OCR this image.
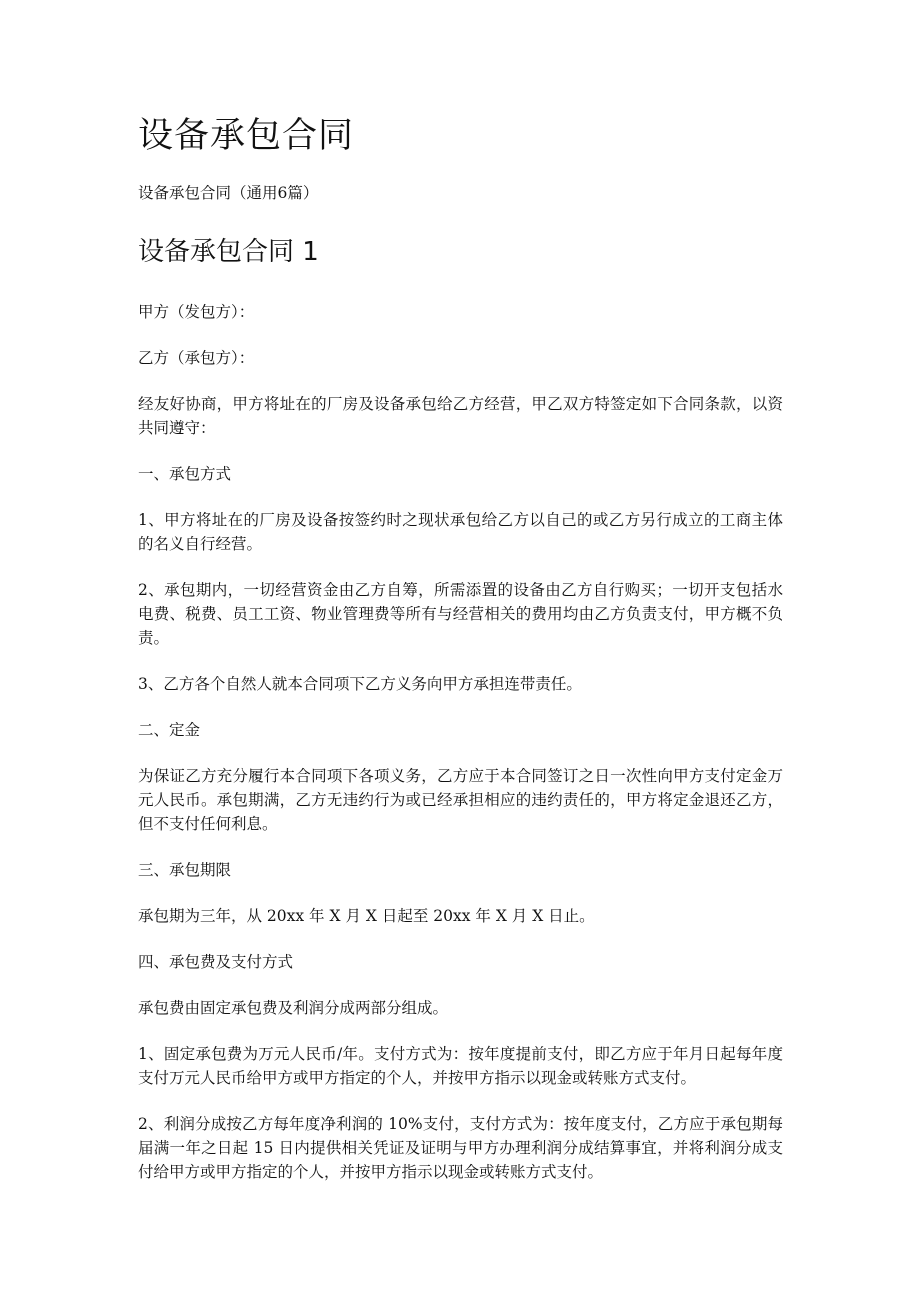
设备承包合同

设备承包合同（通用6篇）

设备承包合同 1

甲方（发包方）：

乙方（承包方）：

经友好协商，甲方将址在的厂房及设备承包给乙方经营，甲乙双方特签定如下合同条款，以资共同遵守：

一、承包方式

1、甲方将址在的厂房及设备按签约时之现状承包给乙方以自己的或乙方另行成立的工商主体的名义自行经营。

2、承包期内，一切经营资金由乙方自筹，所需添置的设备由乙方自行购买；一切开支包括水电费、税费、员工工资、物业管理费等所有与经营相关的费用均由乙方负责支付，甲方概不负责。

3、乙方各个自然人就本合同项下乙方义务向甲方承担连带责任。

二、定金

为保证乙方充分履行本合同项下各项义务，乙方应于本合同签订之日一次性向甲方支付定金万元人民币。承包期满，乙方无违约行为或已经承担相应的违约责任的，甲方将定金退还乙方，但不支付任何利息。

三、承包期限

承包期为三年，从 20xx 年 X 月 X 日起至 20xx 年 X 月 X 日止。

四、承包费及支付方式

承包费由固定承包费及利润分成两部分组成。

1、固定承包费为万元人民币/年。支付方式为：按年度提前支付，即乙方应于年月日起每年度支付万元人民币给甲方或甲方指定的个人，并按甲方指示以现金或转账方式支付。

2、利润分成按乙方每年度净利润的 10%支付，支付方式为：按年度支付，乙方应于承包期每届满一年之日起 15 日内提供相关凭证及证明与甲方办理利润分成结算事宜，并将利润分成支付给甲方或甲方指定的个人，并按甲方指示以现金或转账方式支付。
